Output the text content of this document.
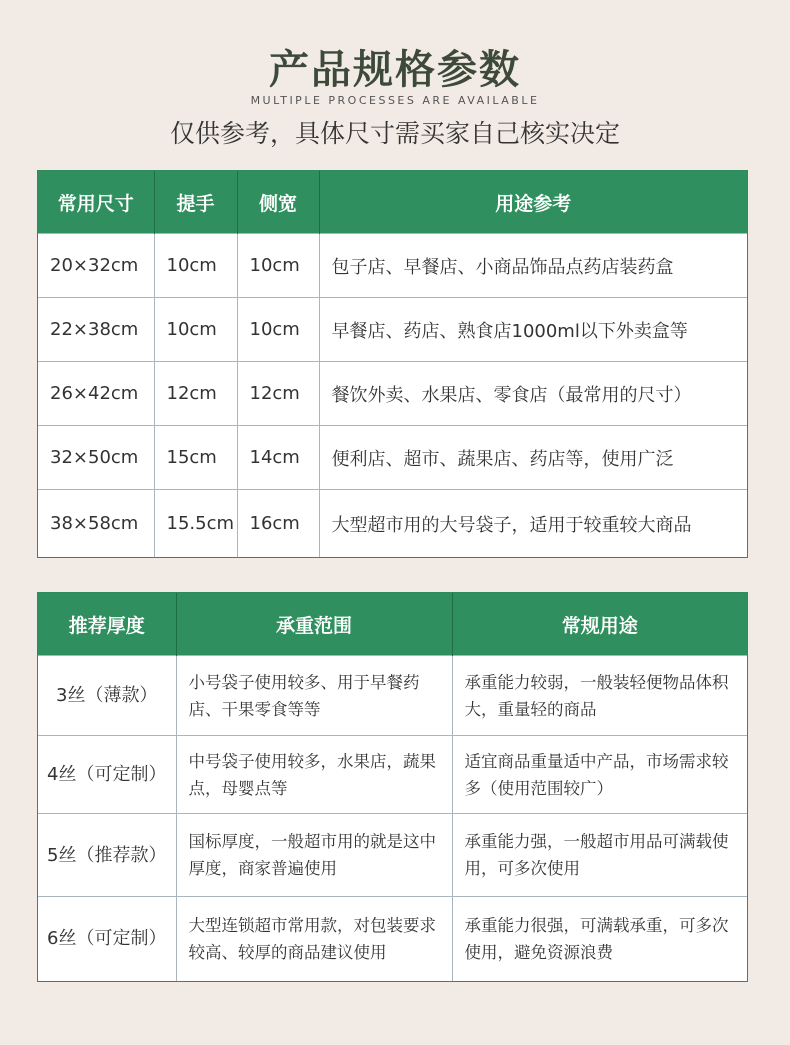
产品规格参数
MULTIPLE PROCESSES ARE AVAILABLE
仅供参考，具体尺寸需买家自己核实决定
常用尺寸	提手	侧宽	用途参考
20×32cm	10cm	10cm	包子店、早餐店、小商品饰品点药店装药盒
22×38cm	10cm	10cm	早餐店、药店、熟食店1000ml以下外卖盒等
26×42cm	12cm	12cm	餐饮外卖、水果店、零食店（最常用的尺寸）
32×50cm	15cm	14cm	便利店、超市、蔬果店、药店等，使用广泛
38×58cm	15.5cm	16cm	大型超市用的大号袋子，适用于较重较大商品
推荐厚度	承重范围	常规用途
3丝（薄款）	小号袋子使用较多、用于早餐药店、干果零食等等	承重能力较弱，一般装轻便物品体积大，重量轻的商品
4丝（可定制）	中号袋子使用较多，水果店，蔬果点，母婴点等	适宜商品重量适中产品，市场需求较多（使用范围较广）
5丝（推荐款）	国标厚度，一般超市用的就是这中厚度，商家普遍使用	承重能力强，一般超市用品可满载使用，可多次使用
6丝（可定制）	大型连锁超市常用款，对包装要求较高、较厚的商品建议使用	承重能力很强，可满载承重，可多次使用，避免资源浪费
